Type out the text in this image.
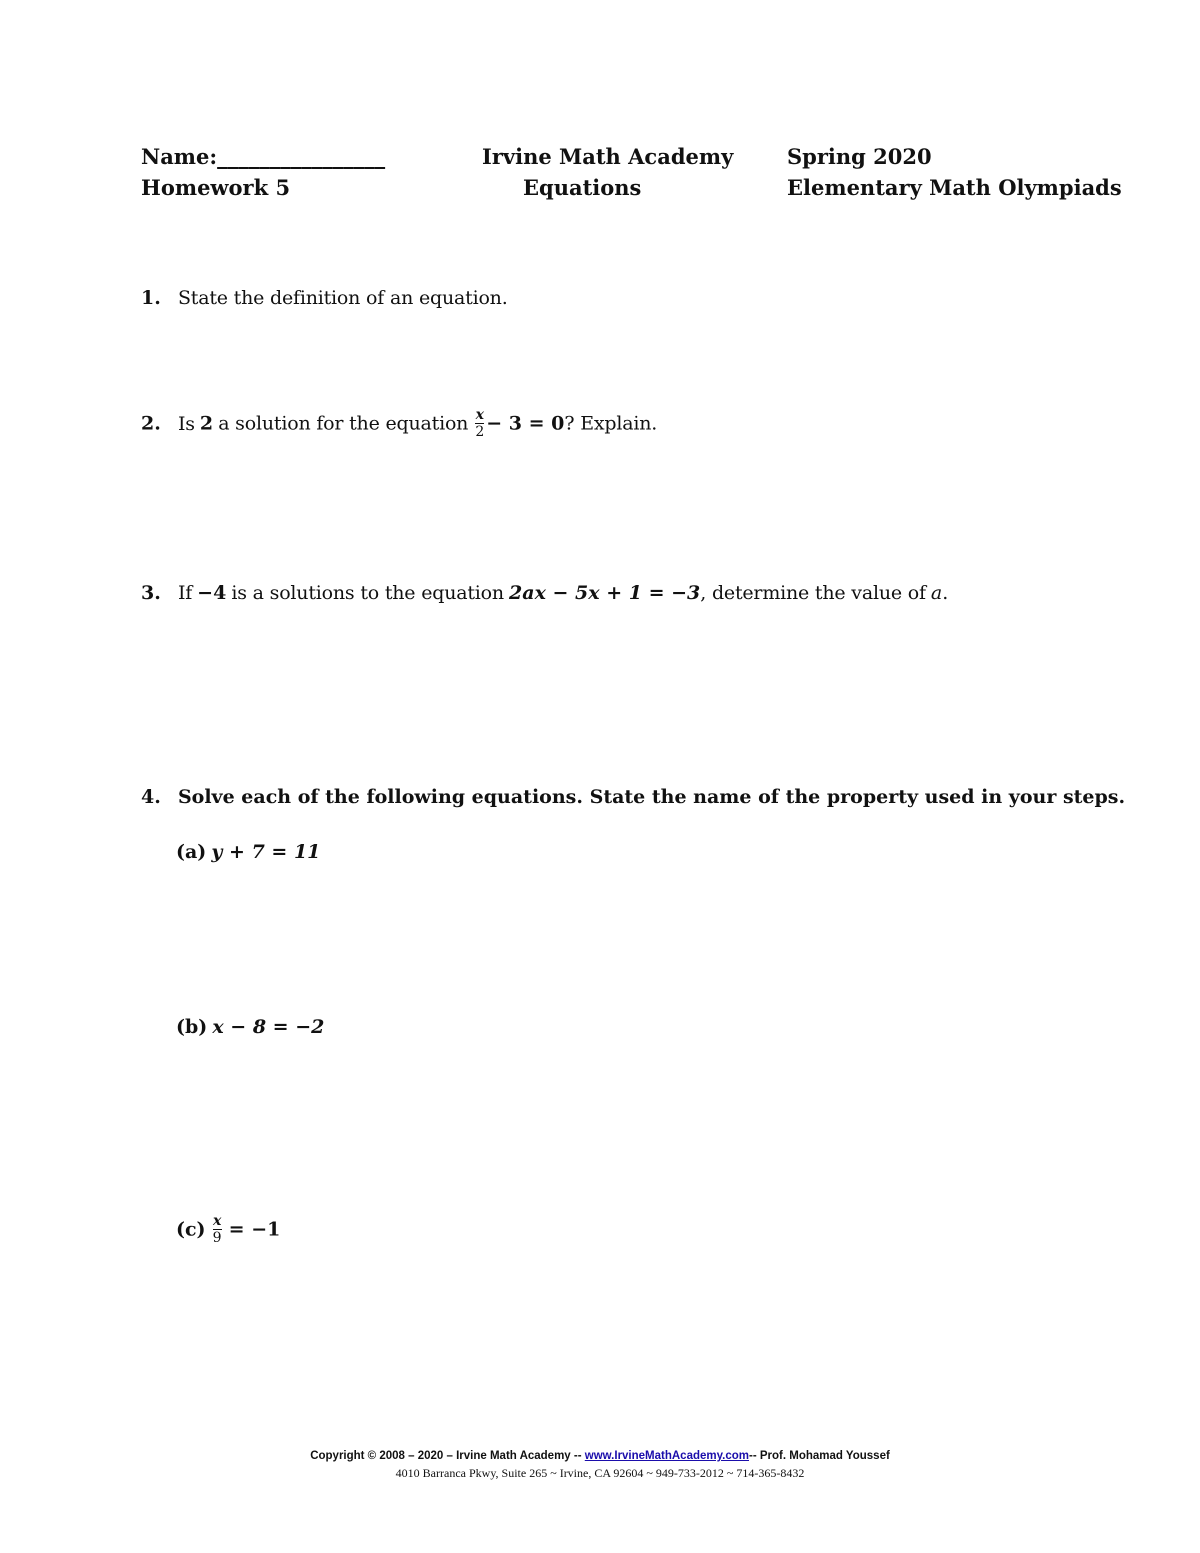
Name:________________	Irvine Math Academy	Spring 2020
Homework 5	Equations	Elementary Math Olympiads
1. State the definition of an equation.
2. Is 2 a solution for the equation $\frac{x}{2} - 3 = 0$? Explain.
3. If −4 is a solutions to the equation 2ax − 5x + 1 = −3, determine the value of a.
4. Solve each of the following equations. State the name of the property used in your steps.
(a) y + 7 = 11
(b) x − 8 = −2
$(c) \frac{x}{9} = -1$
Copyright © 2008 – 2020 – Irvine Math Academy -- www.IrvineMathAcademy.com-- Prof. Mohamad Youssef
4010 Barranca Pkwy, Suite 265 ~ Irvine, CA 92604 ~ 949-733-2012 ~ 714-365-8432
